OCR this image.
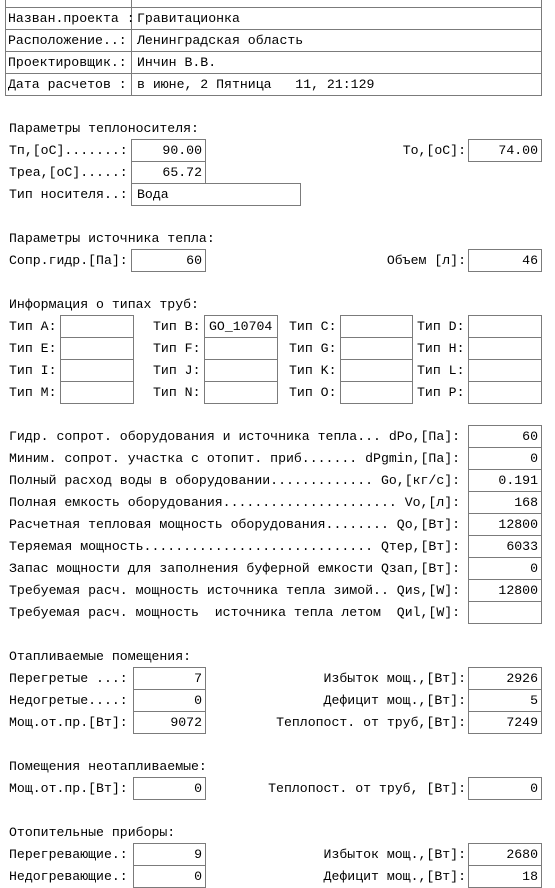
Назван.проекта : Гравитационка
Расположение..: Ленинградская область
Проектировщик.: Инчин В.В.
Дата расчетов : в июне, 2 Пятница   11, 21:129
Параметры теплоносителя:
Тп,[oC].......:	90.00	To,[oC]:	74.00
Треа,[oC].....:	65.72
Тип носителя..: Вода
Параметры источника тепла:
Сопр.гидр.[Па]:	60	Объем [л]:	46
Информация о типах труб:
Тип A:	Тип B: GO_10704	Тип C:	Тип D:
Тип E:	Тип F:	Тип G:	Тип H:
Тип I:	Тип J:	Тип K:	Тип L:
Тип M:	Тип N:	Тип O:	Тип P:
Гидр. сопрот. оборудования и источника тепла... dPo,[Па]:	60
Миним. сопрот. участка с отопит. приб....... dPgmin,[Па]:	0
Полный расход воды в оборудовании............. Go,[кг/с]:	0.191
Полная емкость оборудования...................... Vo,[л]:	168
Расчетная тепловая мощность оборудования........ Qo,[Вт]:	12800
Теряемая мощность............................. Qтер,[Вт]:	6033
Запас мощности для заполнения буферной емкости Qзап,[Вт]:	0
Требуемая расч. мощность источника тепла зимой.. Qиs,[W]:	12800
Требуемая расч. мощность  источника тепла летом  Qиl,[W]:
Отапливаемые помещения:
Перегретые ...:	7	Избыток мощ.,[Вт]:	2926
Недогретые....:	0	Дефицит мощ.,[Вт]:	5
Мощ.от.пр.[Вт]:	9072	Теплопост. от труб,[Вт]:	7249
Помещения неотапливаемые:
Мощ.от.пр.[Вт]:	0	Теплопост. от труб, [Вт]:	0
Отопительные приборы:
Перегревающие.:	9	Избыток мощ.,[Вт]:	2680
Недогревающие.:	0	Дефицит мощ.,[Вт]:	18
